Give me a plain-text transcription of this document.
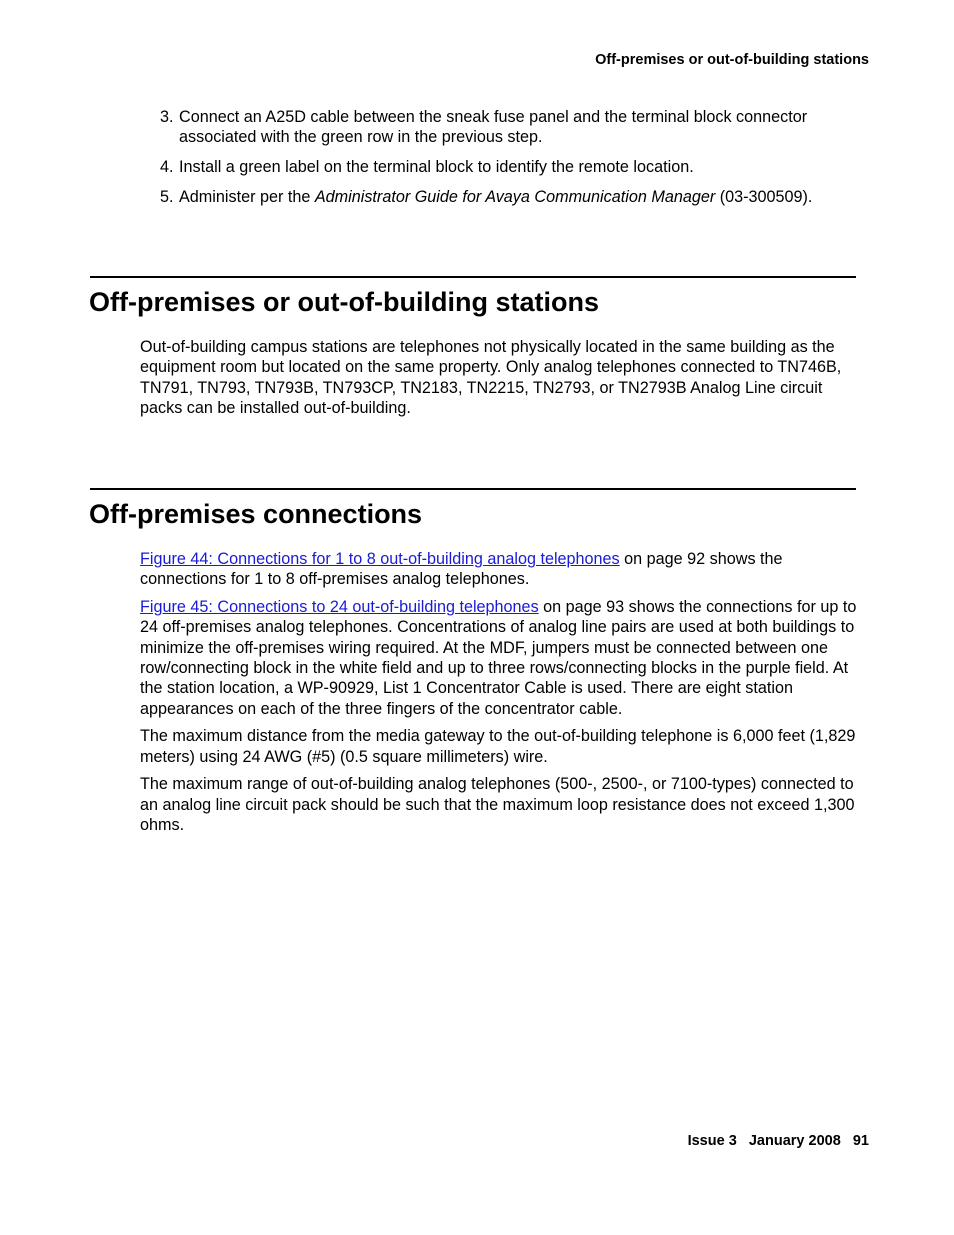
Off-premises or out-of-building stations
3. Connect an A25D cable between the sneak fuse panel and the terminal block connector associated with the green row in the previous step.
4. Install a green label on the terminal block to identify the remote location.
5. Administer per the Administrator Guide for Avaya Communication Manager (03-300509).
Off-premises or out-of-building stations

Out-of-building campus stations are telephones not physically located in the same building as the equipment room but located on the same property. Only analog telephones connected to TN746B, TN791, TN793, TN793B, TN793CP, TN2183, TN2215, TN2793, or TN2793B Analog Line circuit packs can be installed out-of-building.

Off-premises connections

Figure 44: Connections for 1 to 8 out-of-building analog telephones on page 92 shows the connections for 1 to 8 off-premises analog telephones.

Figure 45: Connections to 24 out-of-building telephones on page 93 shows the connections for up to 24 off-premises analog telephones. Concentrations of analog line pairs are used at both buildings to minimize the off-premises wiring required. At the MDF, jumpers must be connected between one row/connecting block in the white field and up to three rows/connecting blocks in the purple field. At the station location, a WP-90929, List 1 Concentrator Cable is used. There are eight station appearances on each of the three fingers of the concentrator cable.

The maximum distance from the media gateway to the out-of-building telephone is 6,000 feet (1,829 meters) using 24 AWG (#5) (0.5 square millimeters) wire.

The maximum range of out-of-building analog telephones (500-, 2500-, or 7100-types) connected to an analog line circuit pack should be such that the maximum loop resistance does not exceed 1,300 ohms.

Issue 3 January 2008 91
